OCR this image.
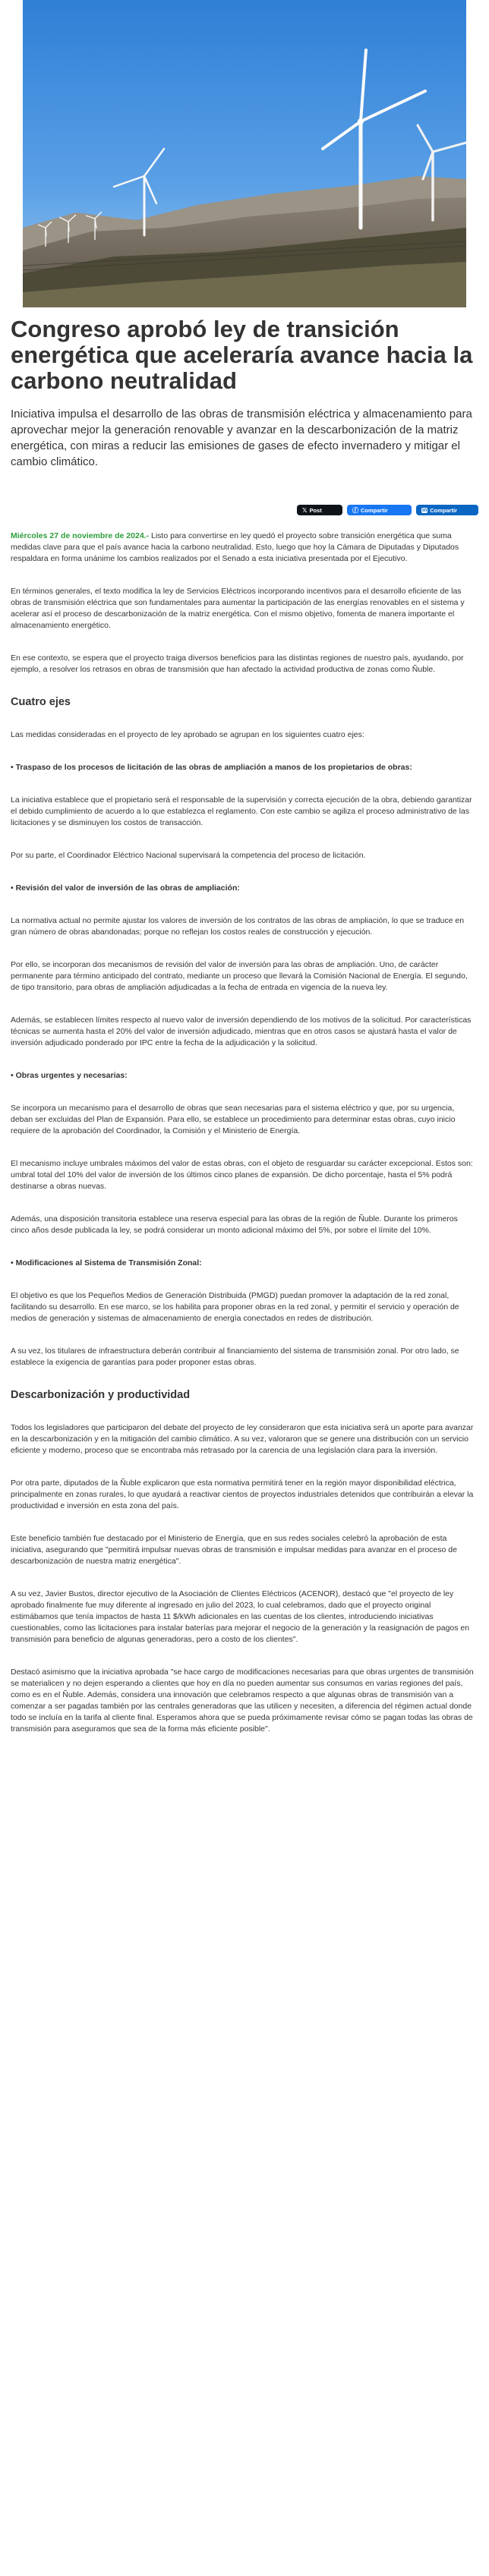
Congreso aprobó ley de transición energética que aceleraría avance hacia la carbono neutralidad

Iniciativa impulsa el desarrollo de las obras de transmisión eléctrica y almacenamiento para aprovechar mejor la generación renovable y avanzar en la descarbonización de la matriz energética, con miras a reducir las emisiones de gases de efecto invernadero y mitigar el cambio climático.

𝕏 Post	ⓕ Compartir	in Compartir

Miércoles 27 de noviembre de 2024.- Listo para convertirse en ley quedó el proyecto sobre transición energética que suma medidas clave para que el país avance hacia la carbono neutralidad. Esto, luego que hoy la Cámara de Diputadas y Diputados respaldara en forma unánime los cambios realizados por el Senado a esta iniciativa presentada por el Ejecutivo.

En términos generales, el texto modifica la ley de Servicios Eléctricos incorporando incentivos para el desarrollo eficiente de las obras de transmisión eléctrica que son fundamentales para aumentar la participación de las energías renovables en el sistema y acelerar así el proceso de descarbonización de la matriz energética. Con el mismo objetivo, fomenta de manera importante el almacenamiento energético.

En ese contexto, se espera que el proyecto traiga diversos beneficios para las distintas regiones de nuestro país, ayudando, por ejemplo, a resolver los retrasos en obras de transmisión que han afectado la actividad productiva de zonas como Ñuble.

Cuatro ejes

Las medidas consideradas en el proyecto de ley aprobado se agrupan en los siguientes cuatro ejes:

• Traspaso de los procesos de licitación de las obras de ampliación a manos de los propietarios de obras:

La iniciativa establece que el propietario será el responsable de la supervisión y correcta ejecución de la obra, debiendo garantizar el debido cumplimiento de acuerdo a lo que establezca el reglamento. Con este cambio se agiliza el proceso administrativo de las licitaciones y se disminuyen los costos de transacción.

Por su parte, el Coordinador Eléctrico Nacional supervisará la competencia del proceso de licitación.

• Revisión del valor de inversión de las obras de ampliación:

La normativa actual no permite ajustar los valores de inversión de los contratos de las obras de ampliación, lo que se traduce en gran número de obras abandonadas; porque no reflejan los costos reales de construcción y ejecución.

Por ello, se incorporan dos mecanismos de revisión del valor de inversión para las obras de ampliación. Uno, de carácter permanente para término anticipado del contrato, mediante un proceso que llevará la Comisión Nacional de Energía. El segundo, de tipo transitorio, para obras de ampliación adjudicadas a la fecha de entrada en vigencia de la nueva ley.

Además, se establecen límites respecto al nuevo valor de inversión dependiendo de los motivos de la solicitud. Por características técnicas se aumenta hasta el 20% del valor de inversión adjudicado, mientras que en otros casos se ajustará hasta el valor de inversión adjudicado ponderado por IPC entre la fecha de la adjudicación y la solicitud.

• Obras urgentes y necesarias:

Se incorpora un mecanismo para el desarrollo de obras que sean necesarias para el sistema eléctrico y que, por su urgencia, deban ser excluidas del Plan de Expansión. Para ello, se establece un procedimiento para determinar estas obras, cuyo inicio requiere de la aprobación del Coordinador, la Comisión y el Ministerio de Energía.

El mecanismo incluye umbrales máximos del valor de estas obras, con el objeto de resguardar su carácter excepcional. Estos son: umbral total del 10% del valor de inversión de los últimos cinco planes de expansión. De dicho porcentaje, hasta el 5% podrá destinarse a obras nuevas.

Además, una disposición transitoria establece una reserva especial para las obras de la región de Ñuble. Durante los primeros cinco años desde publicada la ley, se podrá considerar un monto adicional máximo del 5%, por sobre el límite del 10%.

• Modificaciones al Sistema de Transmisión Zonal:

El objetivo es que los Pequeños Medios de Generación Distribuida (PMGD) puedan promover la adaptación de la red zonal, facilitando su desarrollo. En ese marco, se los habilita para proponer obras en la red zonal, y permitir el servicio y operación de medios de generación y sistemas de almacenamiento de energía conectados en redes de distribución.

A su vez, los titulares de infraestructura deberán contribuir al financiamiento del sistema de transmisión zonal. Por otro lado, se establece la exigencia de garantías para poder proponer estas obras.

Descarbonización y productividad

Todos los legisladores que participaron del debate del proyecto de ley consideraron que esta iniciativa será un aporte para avanzar en la descarbonización y en la mitigación del cambio climático. A su vez, valoraron que se genere una distribución con un servicio eficiente y moderno, proceso que se encontraba más retrasado por la carencia de una legislación clara para la inversión.

Por otra parte, diputados de la Ñuble explicaron que esta normativa permitirá tener en la región mayor disponibilidad eléctrica, principalmente en zonas rurales, lo que ayudará a reactivar cientos de proyectos industriales detenidos que contribuirán a elevar la productividad e inversión en esta zona del país.

Este beneficio también fue destacado por el Ministerio de Energía, que en sus redes sociales celebró la aprobación de esta iniciativa, asegurando que "permitirá impulsar nuevas obras de transmisión e impulsar medidas para avanzar en el proceso de descarbonización de nuestra matriz energética".

A su vez, Javier Bustos, director ejecutivo de la Asociación de Clientes Eléctricos (ACENOR), destacó que "el proyecto de ley aprobado finalmente fue muy diferente al ingresado en julio del 2023, lo cual celebramos, dado que el proyecto original estimábamos que tenía impactos de hasta 11 $/kWh adicionales en las cuentas de los clientes, introduciendo iniciativas cuestionables, como las licitaciones para instalar baterías para mejorar el negocio de la generación y la reasignación de pagos en transmisión para beneficio de algunas generadoras, pero a costo de los clientes".

Destacó asimismo que la iniciativa aprobada "se hace cargo de modificaciones necesarias para que obras urgentes de transmisión se materialicen y no dejen esperando a clientes que hoy en día no pueden aumentar sus consumos en varias regiones del país, como es en el Ñuble. Además, considera una innovación que celebramos respecto a que algunas obras de transmisión van a comenzar a ser pagadas también por las centrales generadoras que las utilicen y necesiten, a diferencia del régimen actual donde todo se incluía en la tarifa al cliente final. Esperamos ahora que se pueda próximamente revisar cómo se pagan todas las obras de transmisión para aseguramos que sea de la forma más eficiente posible".
